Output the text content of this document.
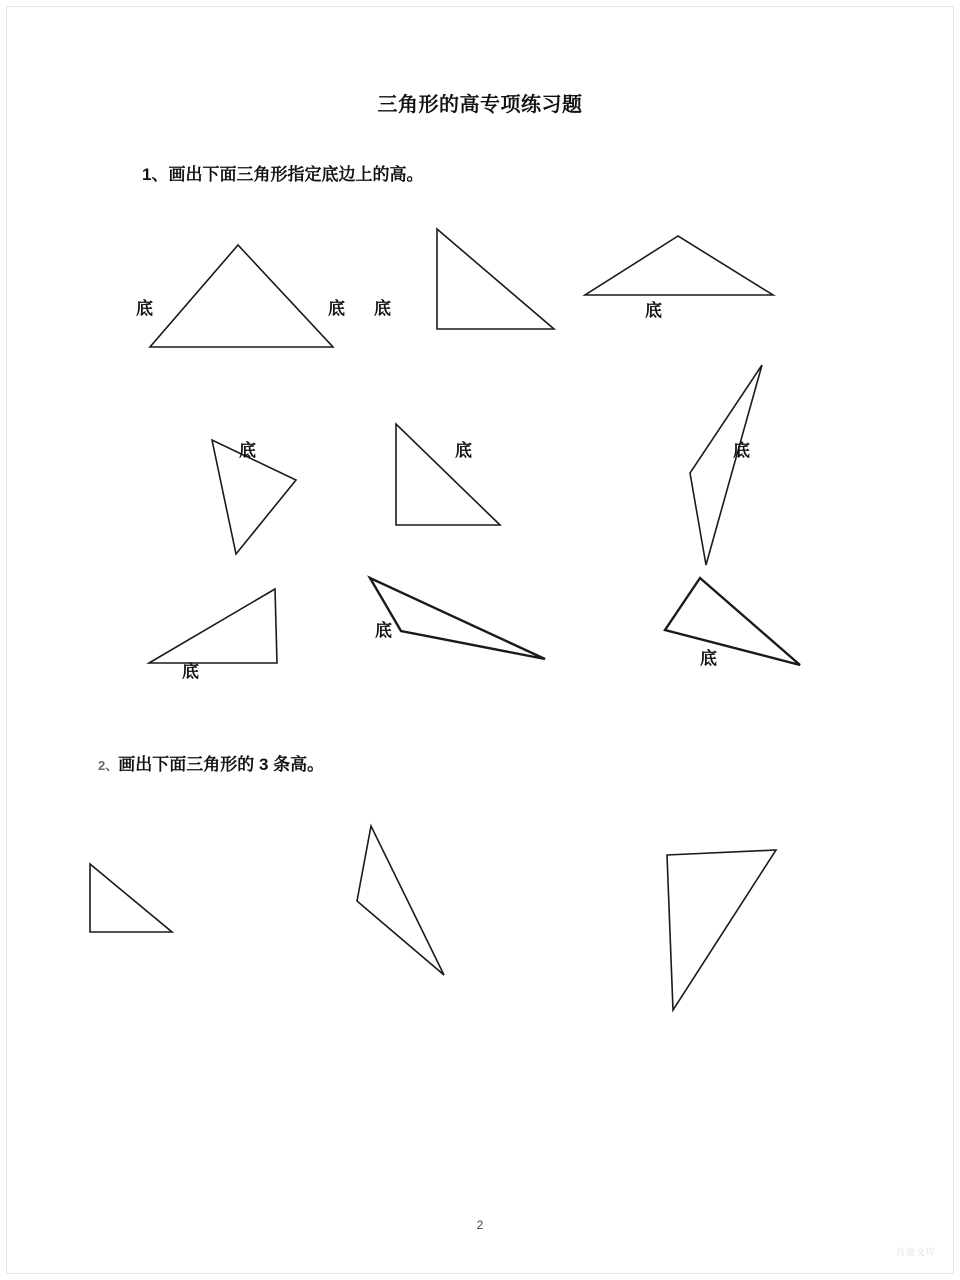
三角形的高专项练习题
1、画出下面三角形指定底边上的高。
2、画出下面三角形的 3 条高。
底	底 底	底
底	底	底
底
底
底
2
百度文库
